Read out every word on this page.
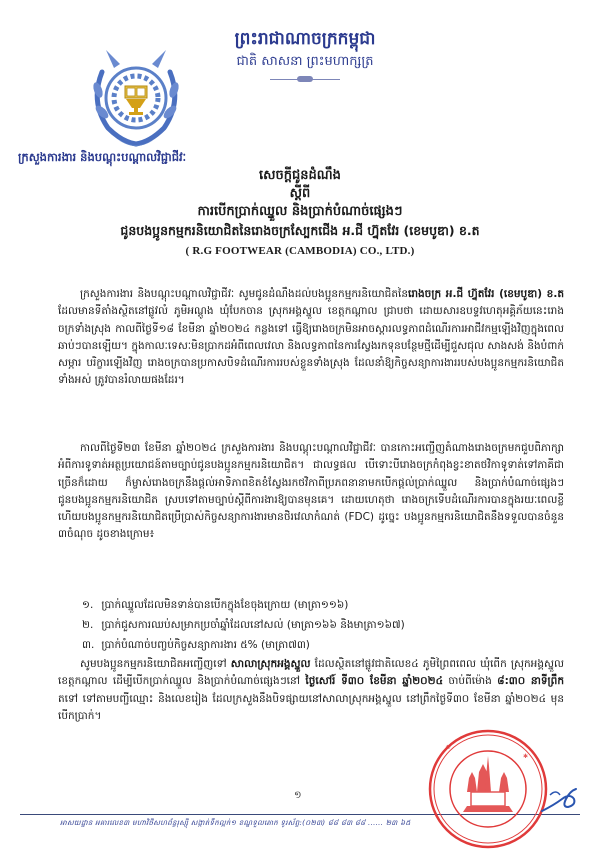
ព្រះរាជាណាចក្រកម្ពុជា
ជាតិ សាសនា ព្រះមហាក្សត្រ
ក្រសួងការងារ និងបណ្តុះបណ្តាលវិជ្ជាជីវៈ
សេចក្តីជូនដំណឹង
ស្តីពី
ការបើកប្រាក់ឈ្នួល និងប្រាក់បំណាច់ផ្សេងៗ
ជូនបងប្អូនកម្មករនិយោជិតនៃរោងចក្រស្បែកជើង អ.ជី ហ្វ៊ុតវែរ (ខេមបូឌា) ខ.ត
( R.G FOOTWEAR (CAMBODIA) CO., LTD.)
ក្រសួងការងារ និងបណ្តុះបណ្តាលវិជ្ជាជីវៈ សូមជូនដំណឹងដល់បងប្អូនកម្មករនិយោជិតនៃរោងចក្រ អ.ជី ហ្វ៊ុតវែរ (ខេមបូឌា) ខ.ត ដែលមានទីតាំងស្ថិតនៅផ្លូវលំ ភូមិអណ្តូង ឃុំបែកចាន ស្រុកអង្គស្នួល ខេត្តកណ្តាល ជ្រាបថា ដោយសារឧបទ្ទវហេតុអគ្គិភ័យនេះរោងចក្រទាំងស្រុង កាលពីថ្ងៃទី១៨ ខែមីនា ឆ្នាំ២០២៤ កន្លងទៅ ធ្វើឱ្យរោងចក្រមិនអាចស្តារលទ្ធភាពដំណើរការអាជីវកម្មឡើងវិញក្នុងពេលឆាប់ៗបានឡើយ។ ក្នុងកាលៈទេសៈមិនប្រាកដអំពីពេលវេលា និងលទ្ធភាពនៃការស្វែងរកទុនបន្ថែមថ្មីដើម្បីជួសជុល សាងសង់ និងបំពាក់សម្ភារ បរិក្ខារឡើងវិញ រោងចក្របានប្រកាសបិទដំណើរការរបស់ខ្លួនទាំងស្រុង ដែលនាំឱ្យកិច្ចសន្យាការងាររបស់បងប្អូនកម្មករនិយោជិតទាំងអស់ ត្រូវបានរំលាយផងដែរ។
កាលពីថ្ងៃទី២៣ ខែមីនា ឆ្នាំ២០២៤ ក្រសួងការងារ និងបណ្តុះបណ្តាលវិជ្ជាជីវៈ បានកោះអញ្ជើញតំណាងរោងចក្រមកជួបពិភាក្សាអំពីការទូទាត់អត្ថប្រយោជន៍តាមច្បាប់ជូនបងប្អូនកម្មករនិយោជិត។ ជាលទ្ធផល បើទោះបីរោងចក្រកំពុងខ្វះខាតថវិកាទូទាត់ទៅភាគីជាច្រើនក៏ដោយ ក៏ម្ចាស់រោងចក្រនឹងផ្តល់អាទិភាពខិតខំស្វែងរកថវិកាពីប្រភពនានាមកបើកផ្តល់ប្រាក់ឈ្នួល និងប្រាក់បំណាច់ផ្សេងៗ ជូនបងប្អូនកម្មករនិយោជិត ស្របទៅតាមច្បាប់ស្តីពីការងារឱ្យបានមុនគេ។ ដោយហេតុថា រោងចក្រទើបដំណើរការបានក្នុងរយៈពេលខ្លី ហើយបងប្អូនកម្មករនិយោជិតប្រើប្រាស់កិច្ចសន្យាការងារមានថិរវេលាកំណត់ (FDC) ដូច្នេះ បងប្អូនកម្មករនិយោជិតនឹងទទួលបានចំនួន ៣ចំណុច ដូចខាងក្រោម៖
១. ប្រាក់ឈ្នួលដែលមិនទាន់បានបើកក្នុងខែចុងក្រោយ (មាត្រា១១៦)
២. ប្រាក់ជួសការឈប់សម្រាកប្រចាំឆ្នាំដែលនៅសល់ (មាត្រា១៦៦ និងមាត្រា១៦៧)
៣. ប្រាក់បំណាច់បញ្ចប់កិច្ចសន្យាការងារ ៥% (មាត្រា៧៣)
សូមបងប្អូនកម្មករនិយោជិតអញ្ជើញទៅ សាលាស្រុកអង្គស្នួល ដែលស្ថិតនៅផ្លូវជាតិលេខ៤ ភូមិព្រៃពពេល ឃុំពើក ស្រុកអង្គស្នួល ខេត្តកណ្តាល ដើម្បីបើកប្រាក់ឈ្នួល និងប្រាក់បំណាច់ផ្សេងៗនៅ ថ្ងៃសៅរ៍ ទី៣០ ខែមីនា ឆ្នាំ២០២៤ ចាប់ពីម៉ោង ៨:៣០ នាទីព្រឹក តទៅ ទៅតាមបញ្ជីឈ្មោះ និងលេខរៀង ដែលក្រសួងនឹងបិទផ្សាយនៅសាលាស្រុកអង្គស្នួល នៅព្រឹកថ្ងៃទី៣០ ខែមីនា ឆ្នាំ២០២៤ មុនបើកប្រាក់។
១
អាសយដ្ឋាន អគារលេខ៣ មហាវិថីសហព័ន្ធរុស្ស៊ី សង្កាត់ទឹកល្អក់១ ខណ្ឌទួលគោក ទូរស័ព្ទ:(០២៣) ៨៨ ៨៣ ៨៨ ...... ២៣ ៦៥
✱
✱
